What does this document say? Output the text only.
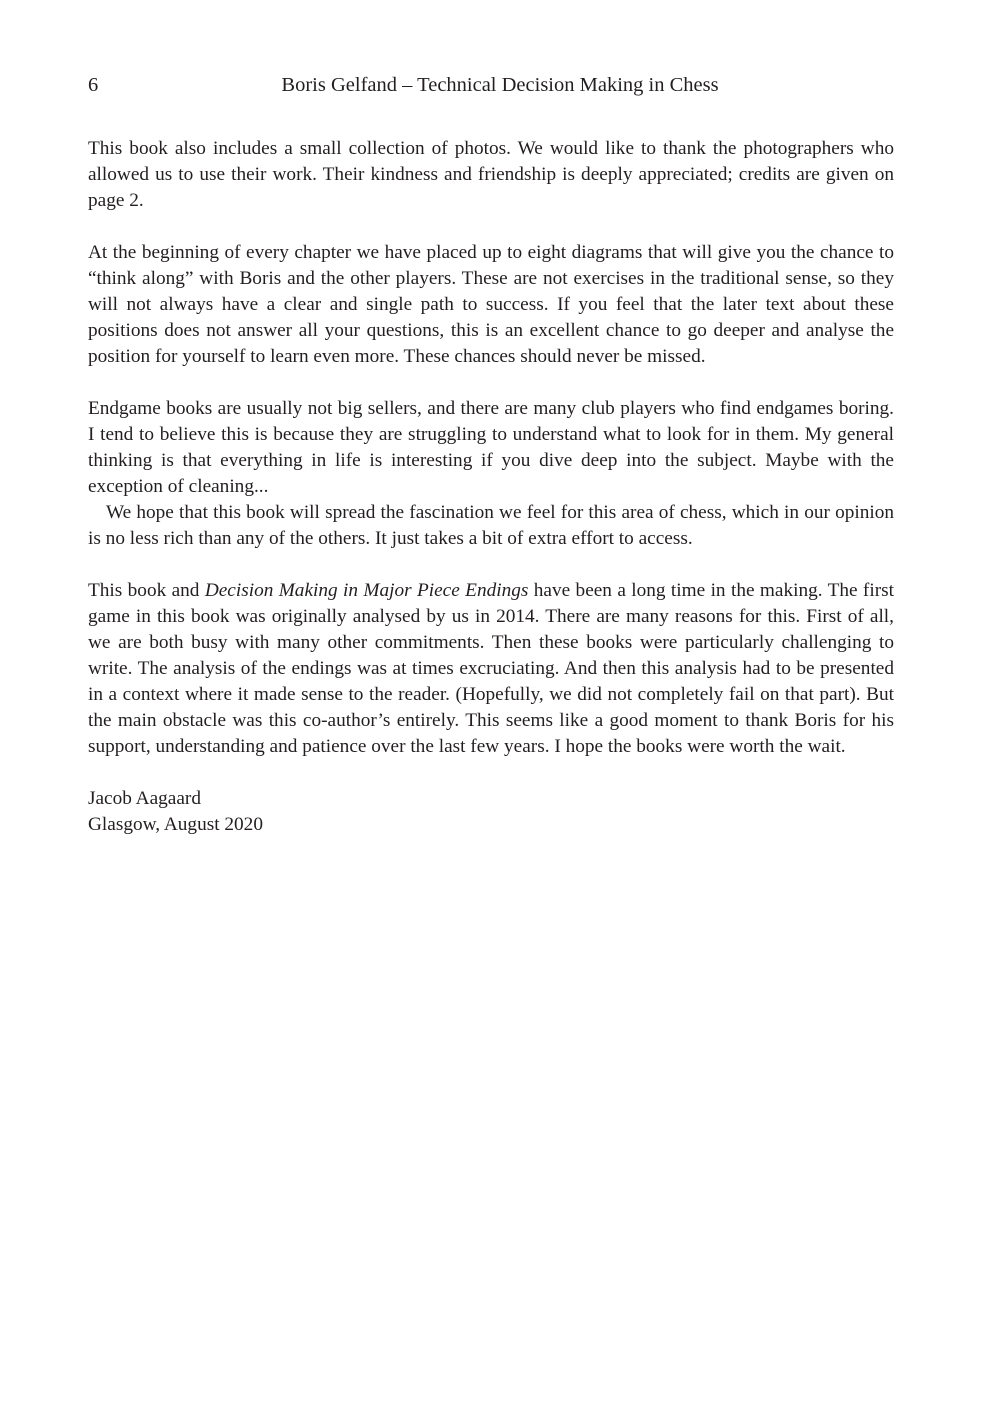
6	Boris Gelfand – Technical Decision Making in Chess

This book also includes a small collection of photos. We would like to thank the photographers who allowed us to use their work. Their kindness and friendship is deeply appreciated; credits are given on page 2.

At the beginning of every chapter we have placed up to eight diagrams that will give you the chance to “think along” with Boris and the other players. These are not exercises in the traditional sense, so they will not always have a clear and single path to success. If you feel that the later text about these positions does not answer all your questions, this is an excellent chance to go deeper and analyse the position for yourself to learn even more. These chances should never be missed.

Endgame books are usually not big sellers, and there are many club players who find endgames boring. I tend to believe this is because they are struggling to understand what to look for in them. My general thinking is that everything in life is interesting if you dive deep into the subject. Maybe with the exception of cleaning...

We hope that this book will spread the fascination we feel for this area of chess, which in our opinion is no less rich than any of the others. It just takes a bit of extra effort to access.

This book and Decision Making in Major Piece Endings have been a long time in the making. The first game in this book was originally analysed by us in 2014. There are many reasons for this. First of all, we are both busy with many other commitments. Then these books were particularly challenging to write. The analysis of the endings was at times excruciating. And then this analysis had to be presented in a context where it made sense to the reader. (Hopefully, we did not completely fail on that part). But the main obstacle was this co-author’s entirely. This seems like a good moment to thank Boris for his support, understanding and patience over the last few years. I hope the books were worth the wait.

Jacob Aagaard
Glasgow, August 2020
